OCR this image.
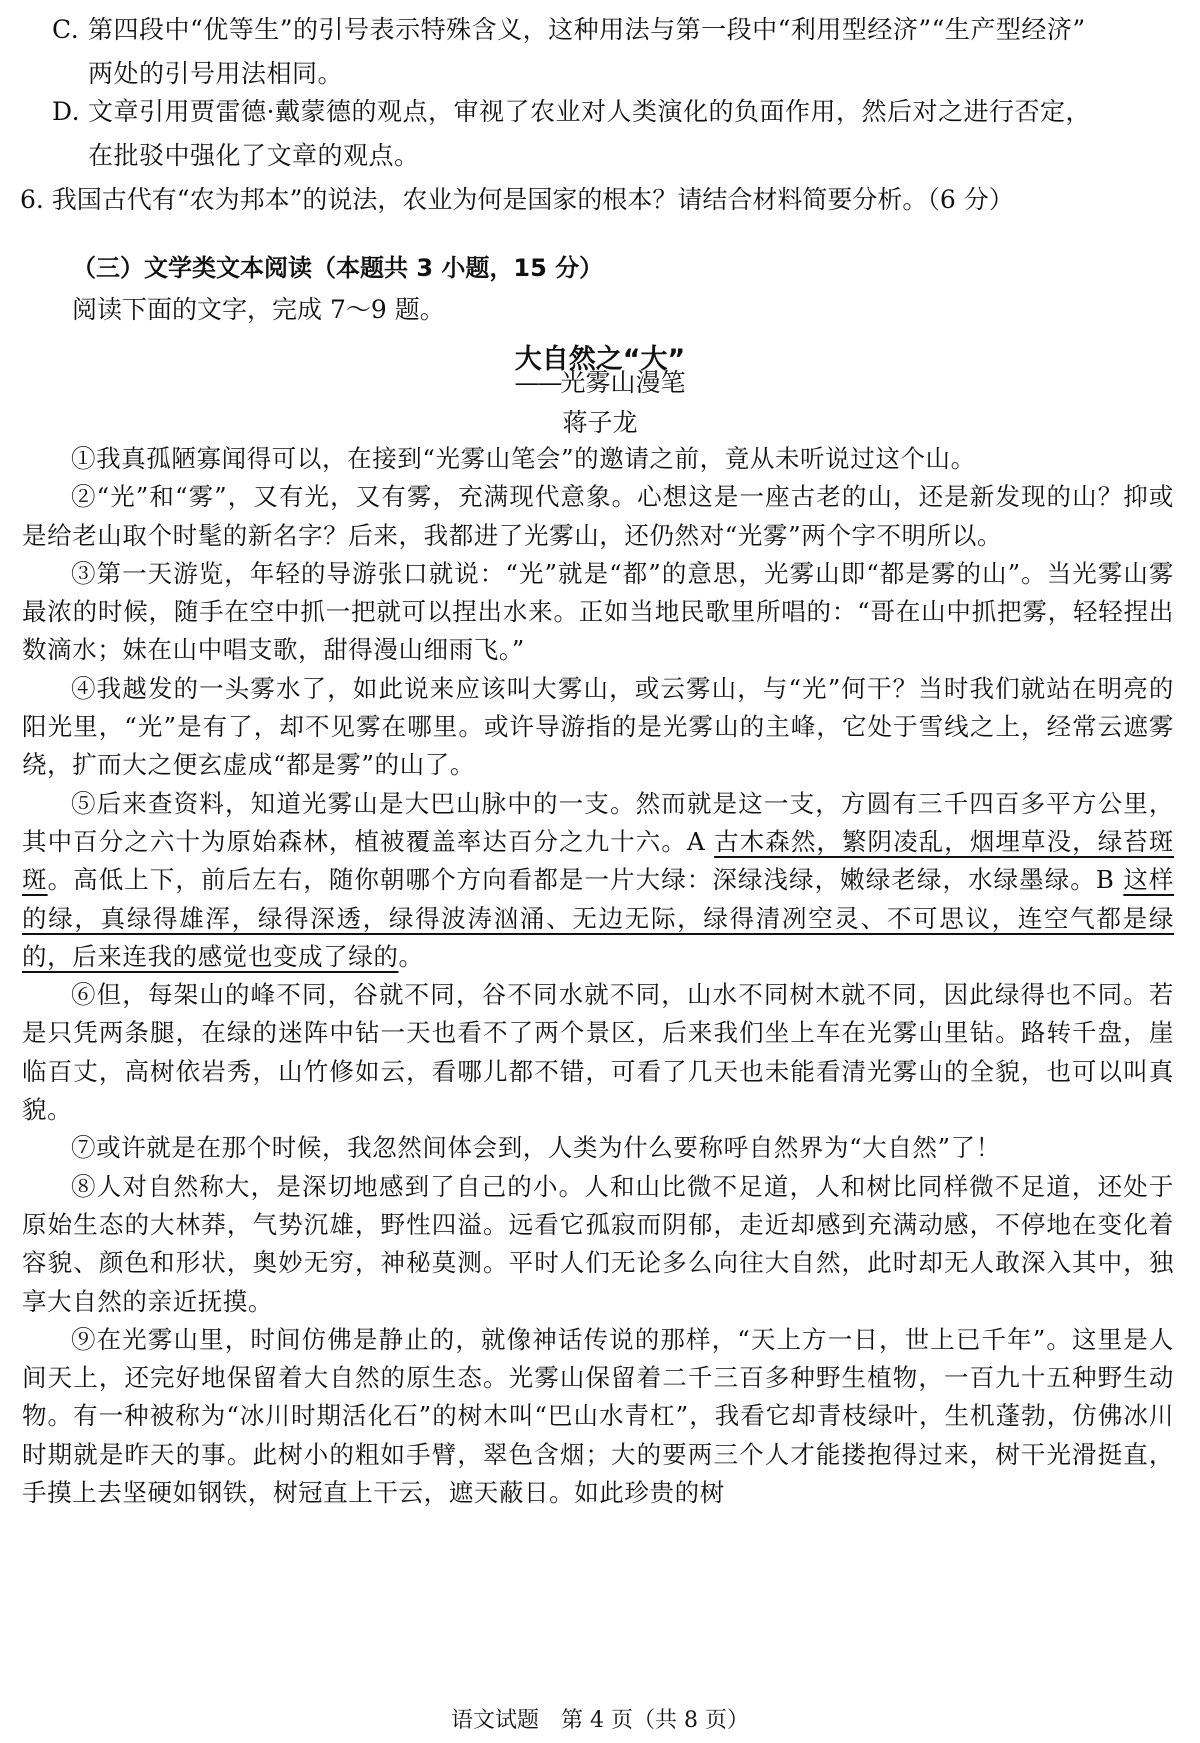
C. 第四段中“优等生”的引号表示特殊含义，这种用法与第一段中“利用型经济”“生产型经济”
两处的引号用法相同。
D. 文章引用贾雷德·戴蒙德的观点，审视了农业对人类演化的负面作用，然后对之进行否定，
在批驳中强化了文章的观点。
6. 我国古代有“农为邦本”的说法，农业为何是国家的根本？请结合材料简要分析。（6 分）
（三）文学类文本阅读（本题共 3 小题，15 分）
阅读下面的文字，完成 7～9 题。
大自然之“大”
——光雾山漫笔
蒋子龙

①我真孤陋寡闻得可以，在接到“光雾山笔会”的邀请之前，竟从未听说过这个山。

②“光”和“雾”，又有光，又有雾，充满现代意象。心想这是一座古老的山，还是新发现的山？抑或是给老山取个时髦的新名字？后来，我都进了光雾山，还仍然对“光雾”两个字不明所以。

③第一天游览，年轻的导游张口就说：“光”就是“都”的意思，光雾山即“都是雾的山”。当光雾山雾最浓的时候，随手在空中抓一把就可以捏出水来。正如当地民歌里所唱的：“哥在山中抓把雾，轻轻捏出数滴水；妹在山中唱支歌，甜得漫山细雨飞。”

④我越发的一头雾水了，如此说来应该叫大雾山，或云雾山，与“光”何干？当时我们就站在明亮的阳光里，“光”是有了，却不见雾在哪里。或许导游指的是光雾山的主峰，它处于雪线之上，经常云遮雾绕，扩而大之便玄虚成“都是雾”的山了。

⑤后来查资料，知道光雾山是大巴山脉中的一支。然而就是这一支，方圆有三千四百多平方公里，其中百分之六十为原始森林，植被覆盖率达百分之九十六。A 古木森然，繁阴凌乱，烟埋草没，绿苔斑斑。高低上下，前后左右，随你朝哪个方向看都是一片大绿：深绿浅绿，嫩绿老绿，水绿墨绿。B 这样的绿，真绿得雄浑，绿得深透，绿得波涛汹涌、无边无际，绿得清冽空灵、不可思议，连空气都是绿的，后来连我的感觉也变成了绿的。

⑥但，每架山的峰不同，谷就不同，谷不同水就不同，山水不同树木就不同，因此绿得也不同。若是只凭两条腿，在绿的迷阵中钻一天也看不了两个景区，后来我们坐上车在光雾山里钻。路转千盘，崖临百丈，高树依岩秀，山竹修如云，看哪儿都不错，可看了几天也未能看清光雾山的全貌，也可以叫真貌。

⑦或许就是在那个时候，我忽然间体会到，人类为什么要称呼自然界为“大自然”了！

⑧人对自然称大，是深切地感到了自己的小。人和山比微不足道，人和树比同样微不足道，还处于原始生态的大林莽，气势沉雄，野性四溢。远看它孤寂而阴郁，走近却感到充满动感，不停地在变化着容貌、颜色和形状，奥妙无穷，神秘莫测。平时人们无论多么向往大自然，此时却无人敢深入其中，独享大自然的亲近抚摸。

⑨在光雾山里，时间仿佛是静止的，就像神话传说的那样，“天上方一日，世上已千年”。这里是人间天上，还完好地保留着大自然的原生态。光雾山保留着二千三百多种野生植物，一百九十五种野生动物。有一种被称为“冰川时期活化石”的树木叫“巴山水青杠”，我看它却青枝绿叶，生机蓬勃，仿佛冰川时期就是昨天的事。此树小的粗如手臂，翠色含烟；大的要两三个人才能搂抱得过来，树干光滑挺直，手摸上去坚硬如钢铁，树冠直上干云，遮天蔽日。如此珍贵的树

语文试题　第 4 页（共 8 页）
